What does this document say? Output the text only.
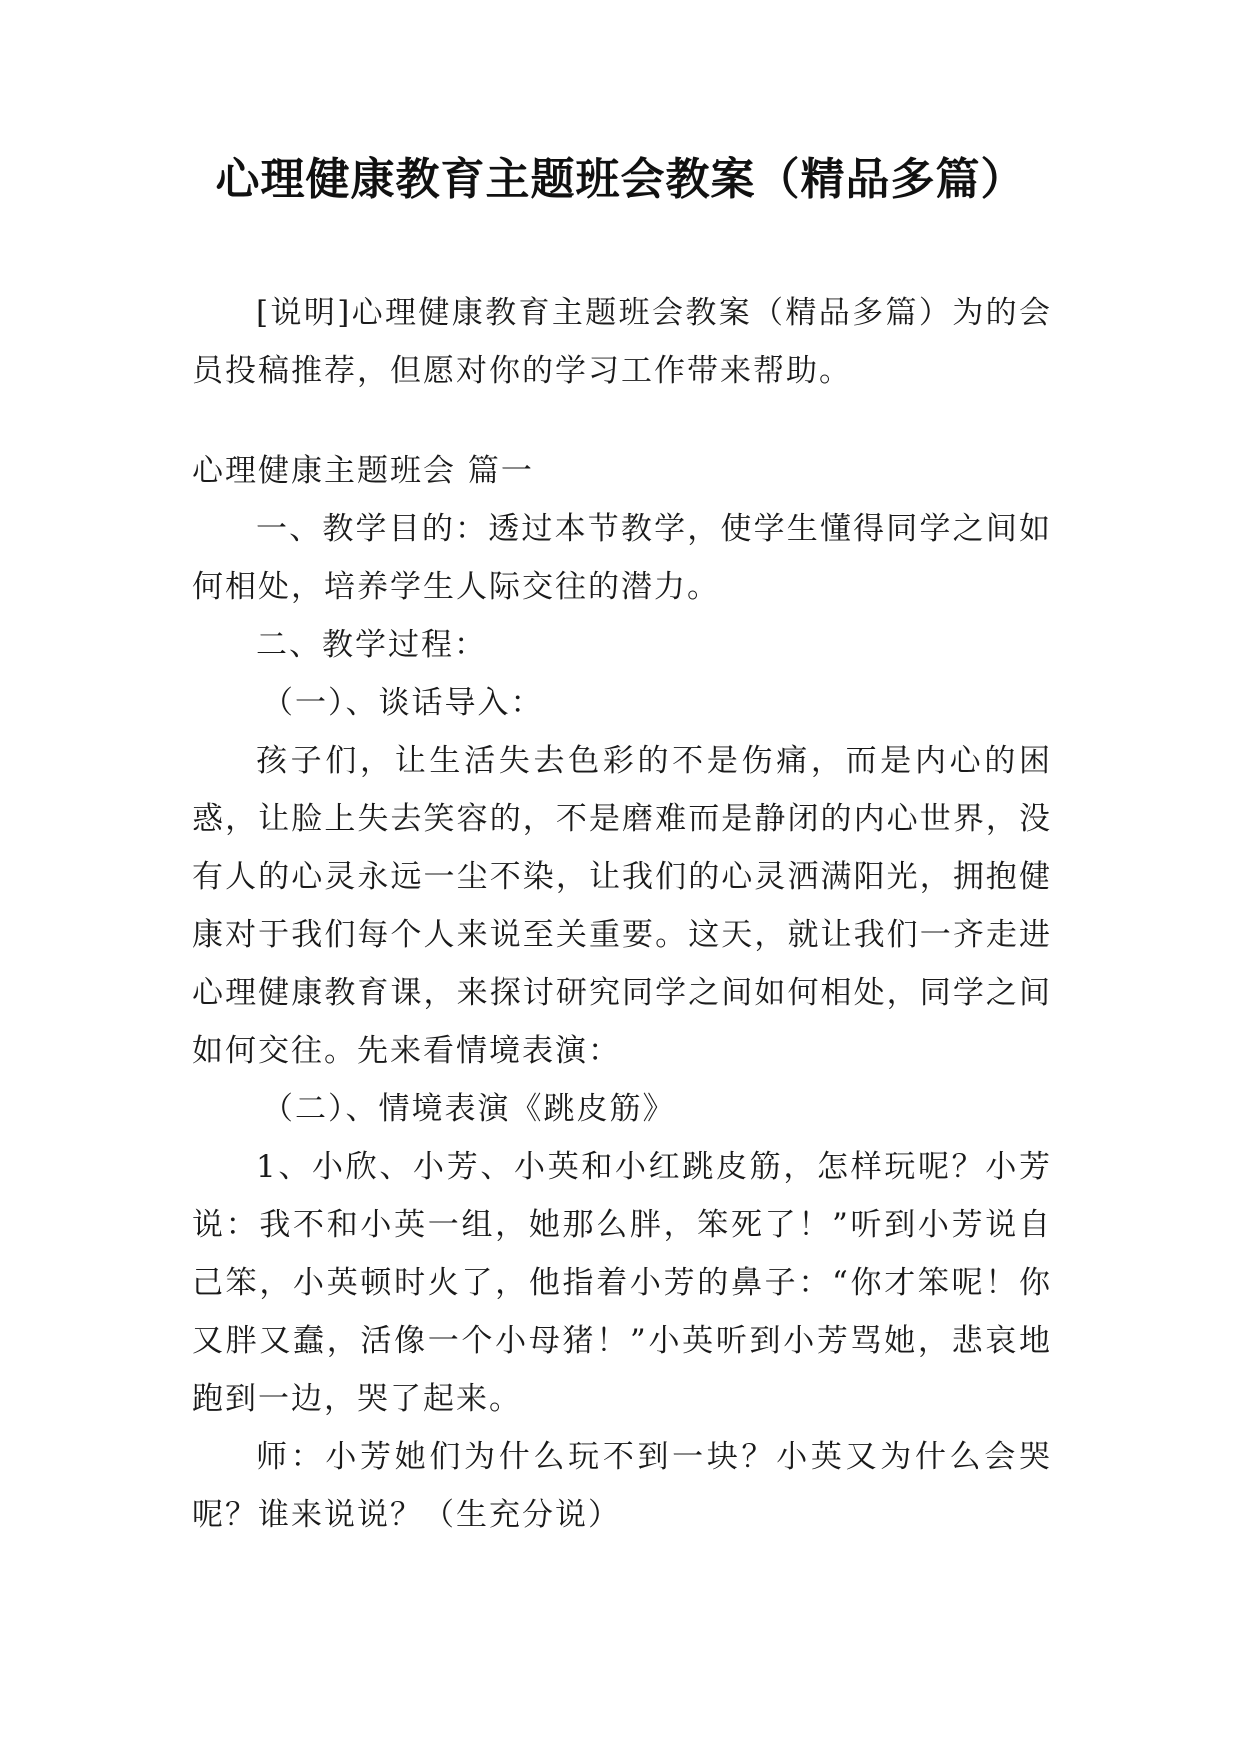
心理健康教育主题班会教案（精品多篇）

[说明]心理健康教育主题班会教案（精品多篇）为的会员投稿推荐，但愿对你的学习工作带来帮助。

心理健康主题班会 篇一

一、教学目的：透过本节教学，使学生懂得同学之间如何相处，培养学生人际交往的潜力。

二、教学过程：

（一）、谈话导入：

孩子们，让生活失去色彩的不是伤痛，而是内心的困惑，让脸上失去笑容的，不是磨难而是静闭的内心世界，没有人的心灵永远一尘不染，让我们的心灵洒满阳光，拥抱健康对于我们每个人来说至关重要。这天，就让我们一齐走进心理健康教育课，来探讨研究同学之间如何相处，同学之间如何交往。先来看情境表演：

（二）、情境表演《跳皮筋》

1、小欣、小芳、小英和小红跳皮筋，怎样玩呢？小芳说：我不和小英一组，她那么胖，笨死了！”听到小芳说自己笨，小英顿时火了，他指着小芳的鼻子：“你才笨呢！你又胖又蠢，活像一个小母猪！”小英听到小芳骂她，悲哀地跑到一边，哭了起来。

师：小芳她们为什么玩不到一块？小英又为什么会哭呢？谁来说说？（生充分说）
